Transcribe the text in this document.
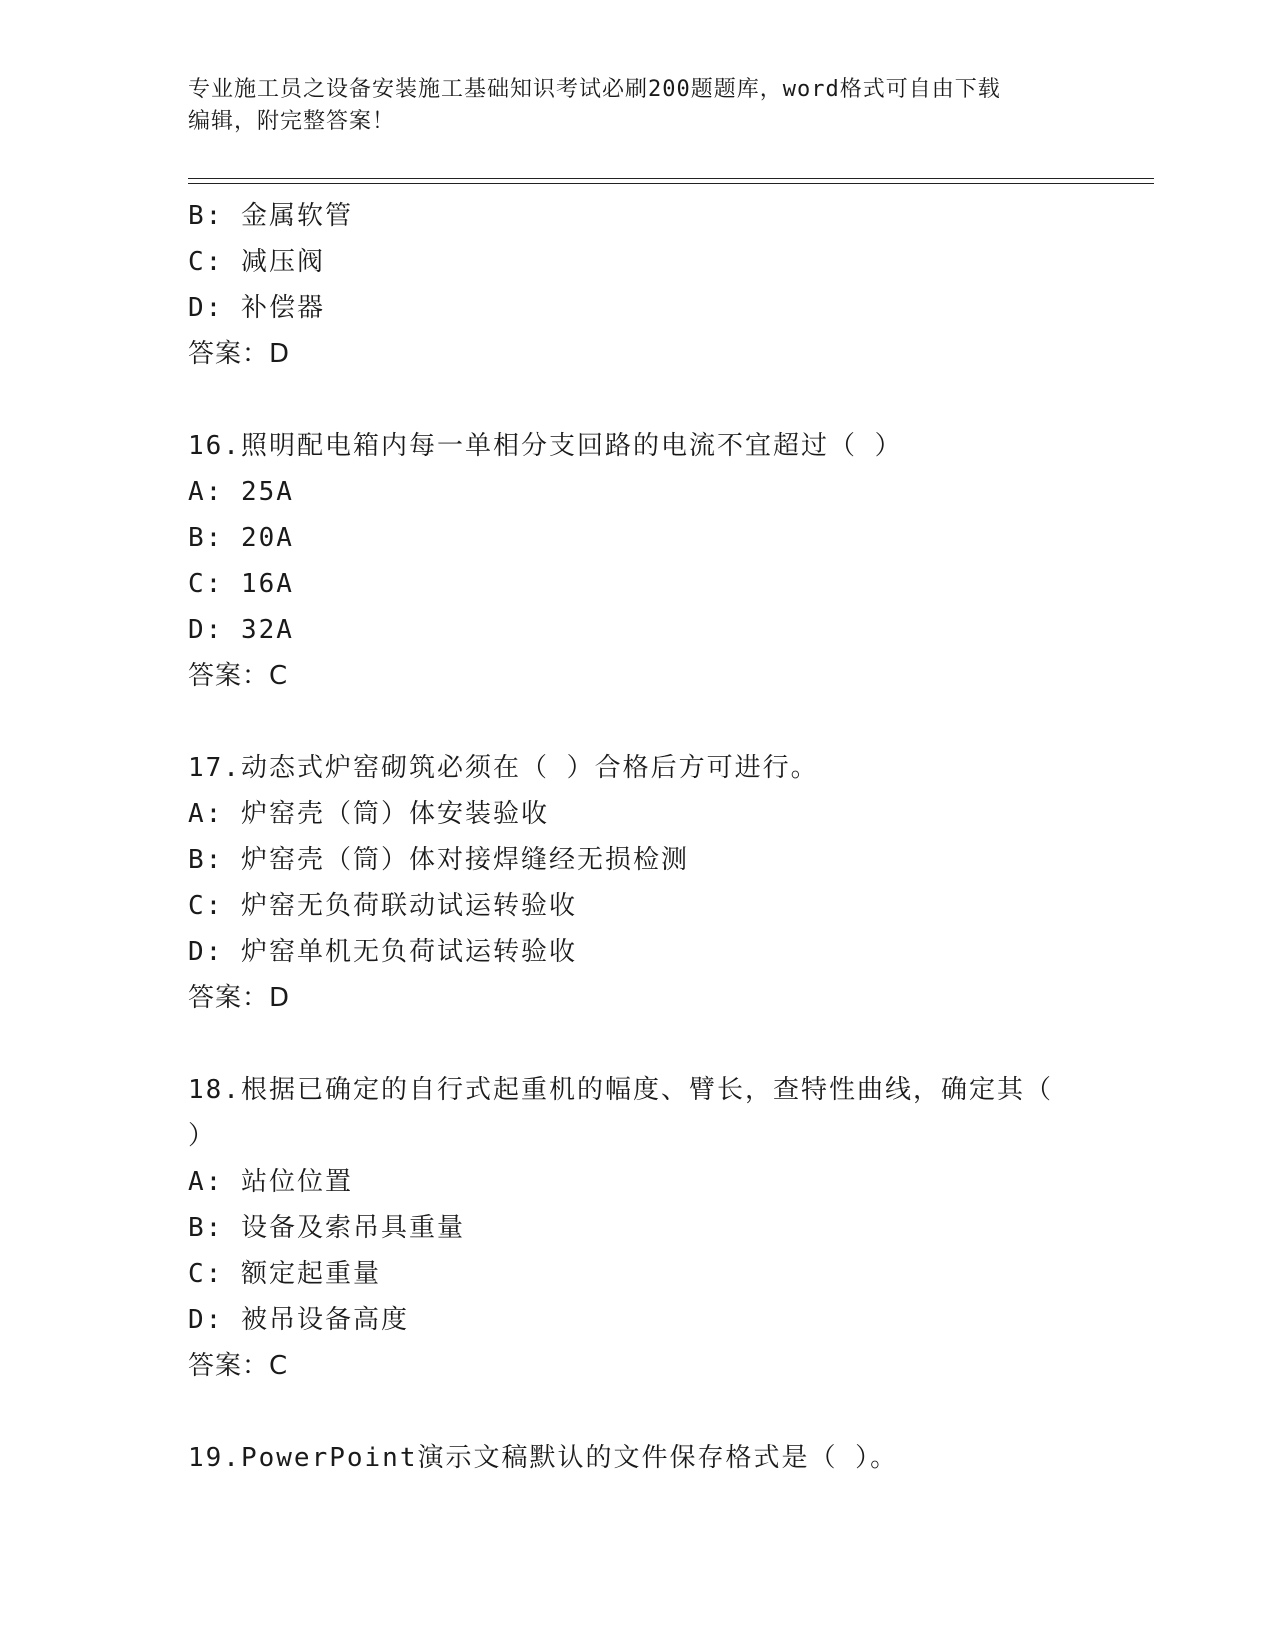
专业施工员之设备安装施工基础知识考试必刷200题题库，word格式可自由下载
编辑，附完整答案！
B: 金属软管
C: 减压阀
D: 补偿器
答案：D
16.照明配电箱内每一单相分支回路的电流不宜超过（ ）
A: 25A
B: 20A
C: 16A
D: 32A
答案：C
17.动态式炉窑砌筑必须在（ ）合格后方可进行。
A: 炉窑壳（筒）体安装验收
B: 炉窑壳（筒）体对接焊缝经无损检测
C: 炉窑无负荷联动试运转验收
D: 炉窑单机无负荷试运转验收
答案：D
18.根据已确定的自行式起重机的幅度、臂长，查特性曲线，确定其（
）
A: 站位位置
B: 设备及索吊具重量
C: 额定起重量
D: 被吊设备高度
答案：C
19.PowerPoint演示文稿默认的文件保存格式是（ ）。
